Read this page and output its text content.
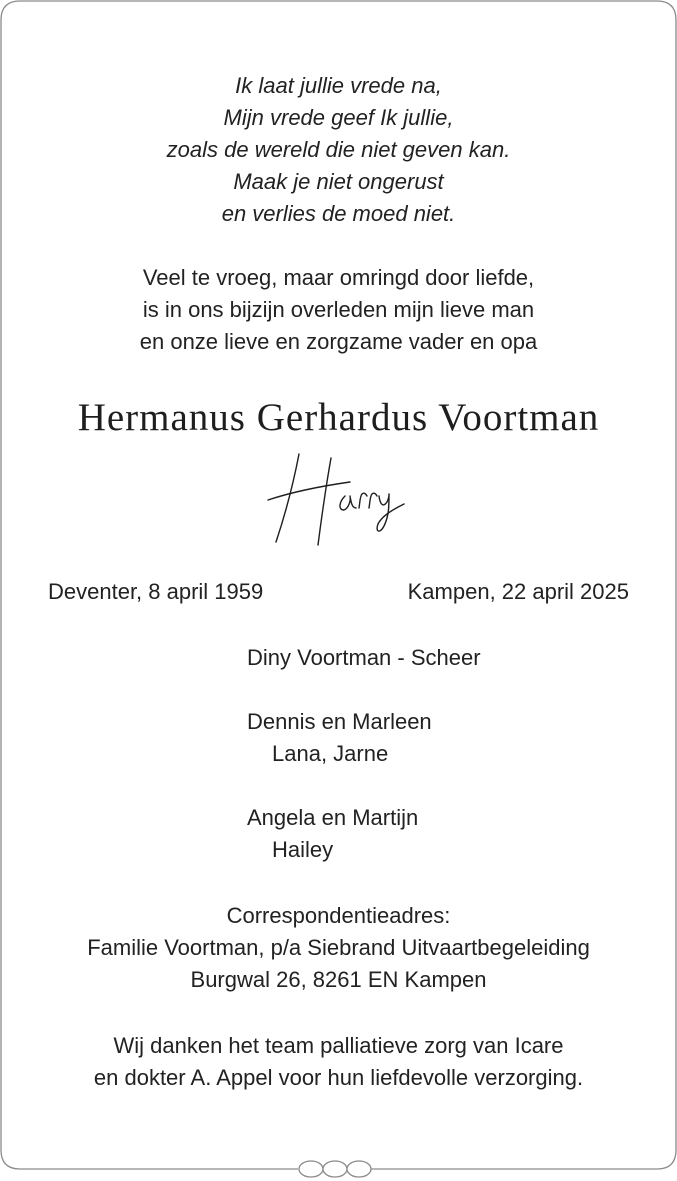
Ik laat jullie vrede na,
Mijn vrede geef Ik jullie,
zoals de wereld die niet geven kan.
Maak je niet ongerust
en verlies de moed niet.
Veel te vroeg, maar omringd door liefde,
is in ons bijzijn overleden mijn lieve man
en onze lieve en zorgzame vader en opa
Hermanus Gerhardus Voortman
Deventer, 8 april 1959	Kampen, 22 april 2025
Diny Voortman - Scheer
Dennis en Marleen
Lana, Jarne
Angela en Martijn
Hailey
Correspondentieadres:
Familie Voortman, p/a Siebrand Uitvaartbegeleiding
Burgwal 26, 8261 EN Kampen
Wij danken het team palliatieve zorg van Icare
en dokter A. Appel voor hun liefdevolle verzorging.
